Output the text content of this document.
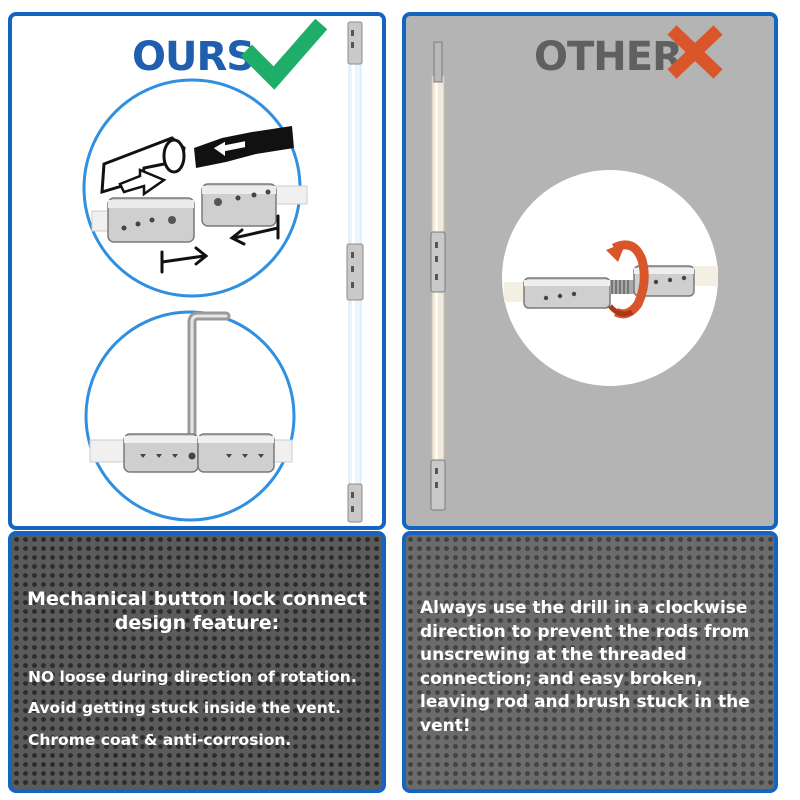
OURS	OTHER
Mechanical button lock connect design feature:
NO loose during direction of rotation.
Avoid getting stuck inside the vent.
Chrome coat & anti-corrosion.
Always use the drill in a clockwise direction to prevent the rods from unscrewing at the threaded connection; and easy broken, leaving rod and brush stuck in the vent!
